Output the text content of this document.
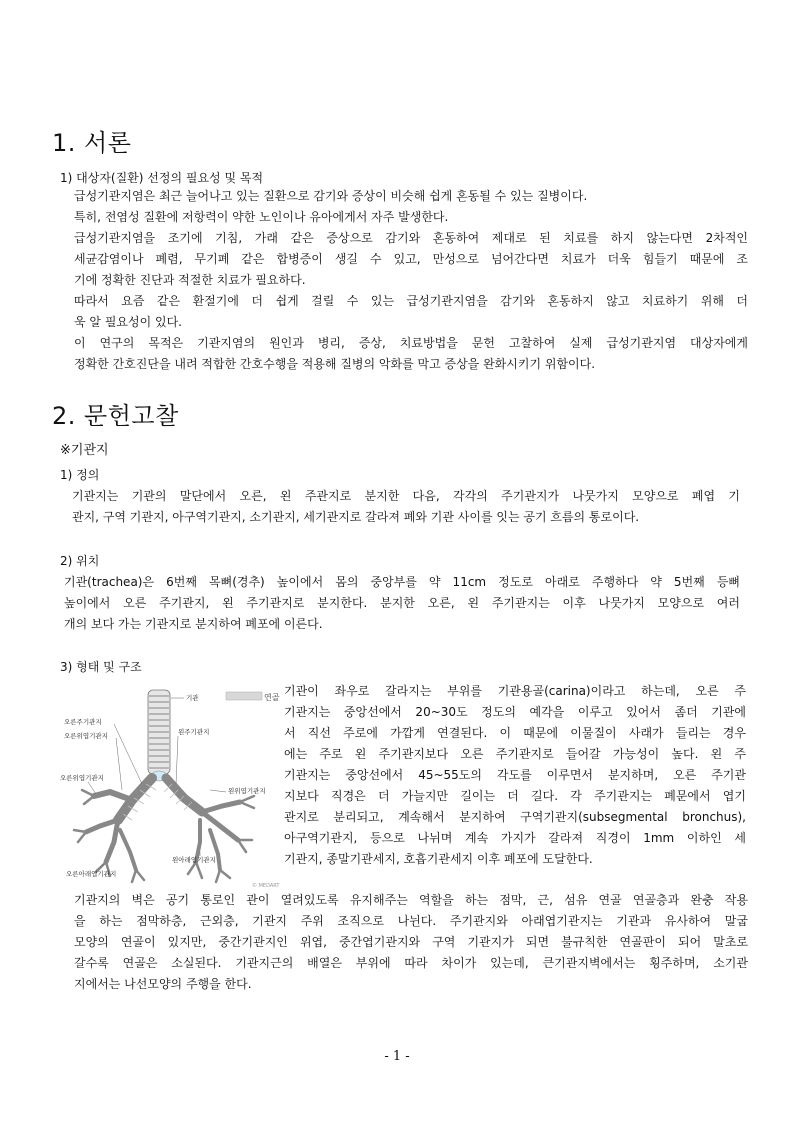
1. 서론
1) 대상자(질환) 선정의 필요성 및 목적
급성기관지염은 최근 늘어나고 있는 질환으로 감기와 증상이 비슷해 쉽게 혼동될 수 있는 질병이다.
특히, 전염성 질환에 저항력이 약한 노인이나 유아에게서 자주 발생한다.
급성기관지염을 조기에 기침, 가래 같은 증상으로 감기와 혼동하여 제대로 된 치료를 하지 않는다면 2차적인
세균감염이나 폐렴, 무기폐 같은 합병증이 생길 수 있고, 만성으로 넘어간다면 치료가 더욱 힘들기 때문에 조
기에 정확한 진단과 적절한 치료가 필요하다.
따라서 요즘 같은 환절기에 더 쉽게 걸릴 수 있는 급성기관지염을 감기와 혼동하지 않고 치료하기 위해 더
욱 알 필요성이 있다.
이 연구의 목적은 기관지염의 원인과 병리, 증상, 치료방법을 문헌 고찰하여 실제 급성기관지염 대상자에게
정확한 간호진단을 내려 적합한 간호수행을 적용해 질병의 악화를 막고 증상을 완화시키기 위함이다.
2. 문헌고찰
※기관지
1) 정의
기관지는 기관의 말단에서 오른, 왼 주관지로 분지한 다음, 각각의 주기관지가 나뭇가지 모양으로 폐엽 기
관지, 구역 기관지, 아구역기관지, 소기관지, 세기관지로 갈라져 폐와 기관 사이를 잇는 공기 흐름의 통로이다.
2) 위치
기관(trachea)은 6번째 목뼈(경추) 높이에서 몸의 중앙부를 약 11cm 정도로 아래로 주행하다 약 5번째 등뼈
높이에서 오른 주기관지, 왼 주기관지로 분지한다. 분지한 오른, 왼 주기관지는 이후 나뭇가지 모양으로 여러
개의 보다 가는 기관지로 분지하여 폐포에 이른다.
3) 형태 및 구조
연골
기관
오른주기관지
오른위엽기관지	왼주기관지
왼위엽기관지
오른위엽기관지
왼아래엽기관지
오른아래엽기관지
© MEDART
기관이 좌우로 갈라지는 부위를 기관용골(carina)이라고 하는데, 오른 주
기관지는 중앙선에서 20~30도 정도의 예각을 이루고 있어서 좀더 기관에
서 직선 주로에 가깝게 연결된다. 이 때문에 이물질이 사래가 들리는 경우
에는 주로 왼 주기관지보다 오른 주기관지로 들어갈 가능성이 높다. 왼 주
기관지는 중앙선에서 45~55도의 각도를 이루면서 분지하며, 오른 주기관
지보다 직경은 더 가늘지만 길이는 더 길다. 각 주기관지는 폐문에서 엽기
관지로 분리되고, 계속해서 분지하여 구역기관지(subsegmental bronchus),
아구역기관지, 등으로 나뉘며 계속 가지가 갈라져 직경이 1mm 이하인 세
기관지, 종말기관세지, 호흡기관세지 이후 폐포에 도달한다.
기관지의 벽은 공기 통로인 관이 열려있도록 유지해주는 역할을 하는 점막, 근, 섬유 연골 연골층과 완충 작용
을 하는 점막하층, 근외층, 기관지 주위 조직으로 나뉜다. 주기관지와 아래엽기관지는 기관과 유사하여 말굽
모양의 연골이 있지만, 중간기관지인 위엽, 중간엽기관지와 구역 기관지가 되면 불규칙한 연골판이 되어 말초로
갈수록 연골은 소실된다. 기관지근의 배열은 부위에 따라 차이가 있는데, 큰기관지벽에서는 횡주하며, 소기관
지에서는 나선모양의 주행을 한다.
- 1 -
